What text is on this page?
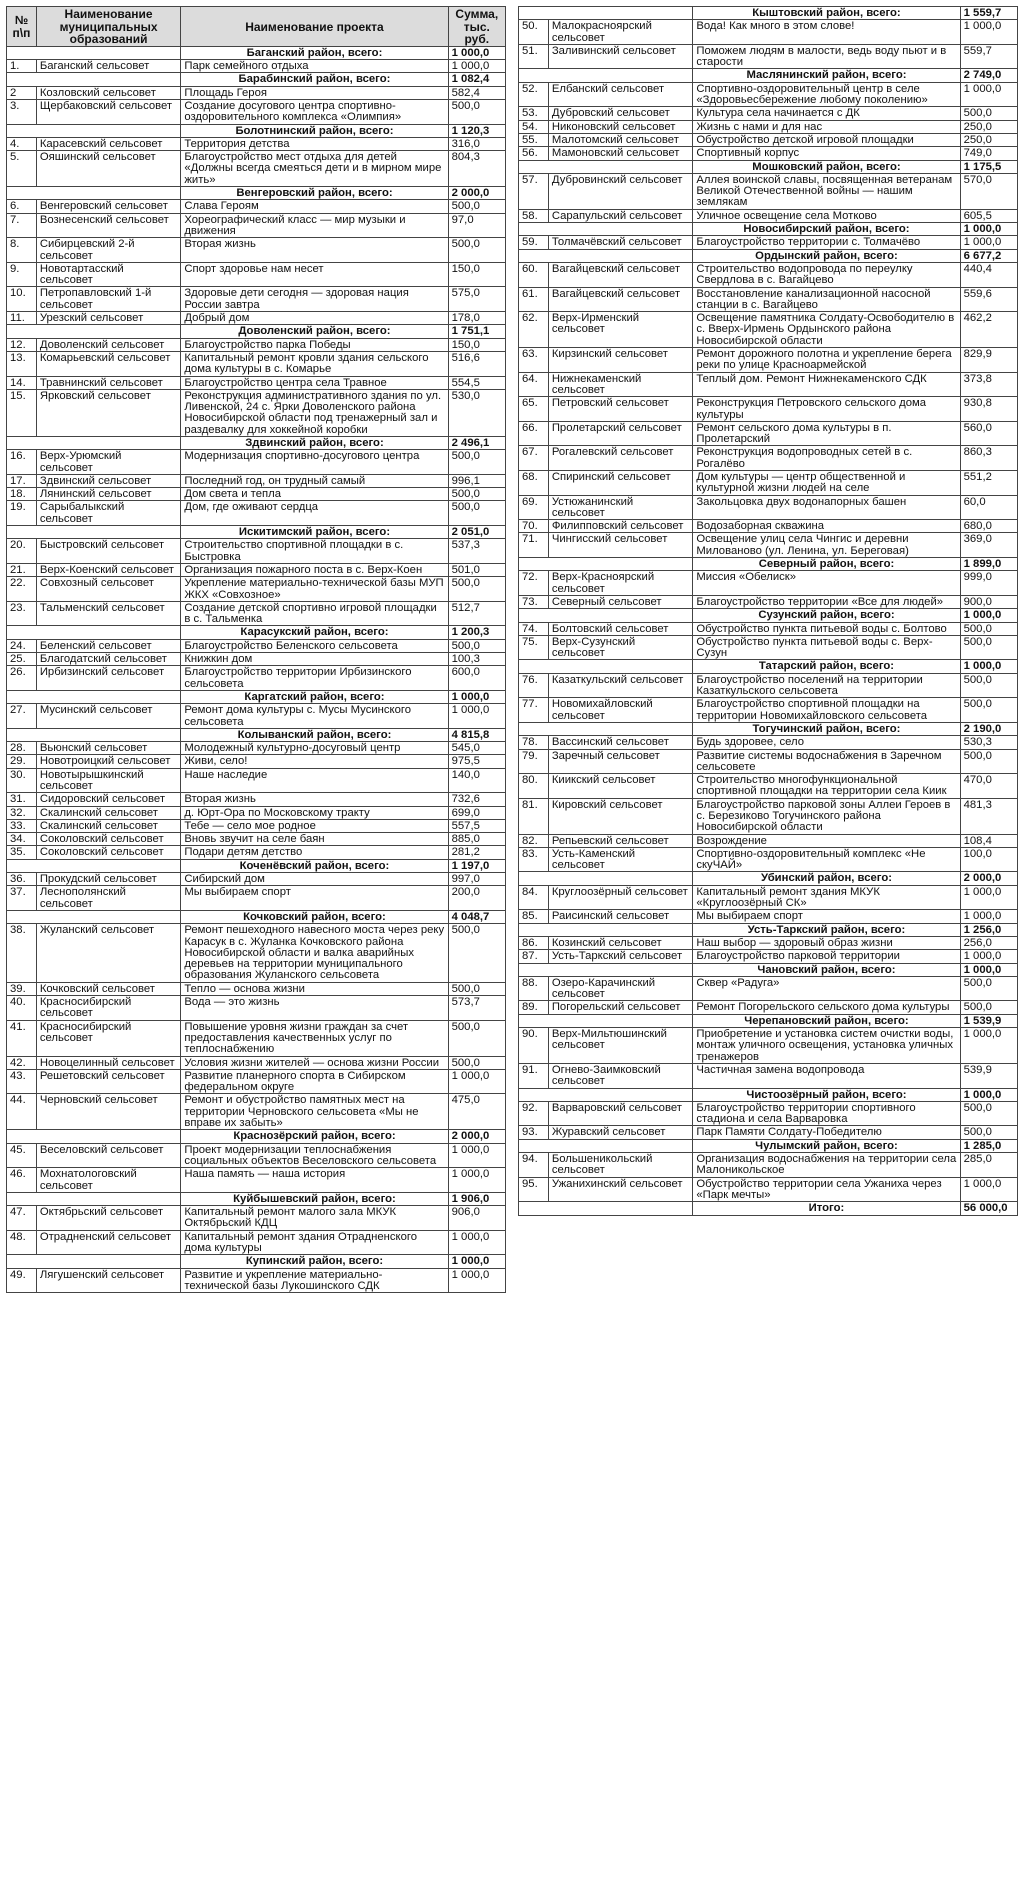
№ п\п	Наименование муниципальных образований	Наименование проекта	Сумма, тыс. руб.
		Баганский район, всего:	1 000,0
1.	Баганский сельсовет	Парк семейного отдыха	1 000,0
		Барабинский район, всего:	1 082,4
2	Козловский сельсовет	Площадь Героя	582,4
3.	Щербаковский сельсовет	Создание досугового центра спортивно-оздоровительного комплекса «Олимпия»	500,0
		Болотнинский район, всего:	1 120,3
4.	Карасевский сельсовет	Территория детства	316,0
5.	Ояшинский сельсовет	Благоустройство мест отдыха для детей «Должны всегда смеяться дети и в мирном мире жить»	804,3
		Венгеровский район, всего:	2 000,0
6.	Венгеровский сельсовет	Слава Героям	500,0
7.	Вознесенский сельсовет	Хореографический класс — мир музыки и движения	97,0
8.	Сибирцевский 2-й сельсовет	Вторая жизнь	500,0
9.	Новотартасский сельсовет	Спорт здоровье нам несет	150,0
10.	Петропавловский 1-й сельсовет	Здоровые дети сегодня — здоровая нация России завтра	575,0
11.	Урезский сельсовет	Добрый дом	178,0
		Доволенский район, всего:	1 751,1
12.	Доволенский сельсовет	Благоустройство парка Победы	150,0
13.	Комарьевский сельсовет	Капитальный ремонт кровли здания сельского дома культуры в с. Комарье	516,6
14.	Травнинский сельсовет	Благоустройство центра села Травное	554,5
15.	Ярковский сельсовет	Реконструкция административного здания по ул. Ливенской, 24 с. Ярки Доволенского района Новосибирской области под тренажерный зал и раздевалку для хоккейной коробки	530,0
		Здвинский район, всего:	2 496,1
16.	Верх-Урюмский сельсовет	Модернизация спортивно-досугового центра	500,0
17.	Здвинский сельсовет	Последний год, он трудный самый	996,1
18.	Лянинский сельсовет	Дом света и тепла	500,0
19.	Сарыбалыкский сельсовет	Дом, где оживают сердца	500,0
		Искитимский район, всего:	2 051,0
20.	Быстровский сельсовет	Строительство спортивной площадки в с. Быстровка	537,3
21.	Верх-Коенский сельсовет	Организация пожарного поста в с. Верх-Коен	501,0
22.	Совхозный сельсовет	Укрепление материально-технической базы МУП ЖКХ «Совхозное»	500,0
23.	Тальменский сельсовет	Создание детской спортивно игровой площадки в с. Тальменка	512,7
		Карасукский район, всего:	1 200,3
24.	Беленский сельсовет	Благоустройство Беленского сельсовета	500,0
25.	Благодатский сельсовет	Книжкин дом	100,3
26.	Ирбизинский сельсовет	Благоустройство территории Ирбизинского сельсовета	600,0
		Каргатский район, всего:	1 000,0
27.	Мусинский сельсовет	Ремонт дома культуры с. Мусы Мусинского сельсовета	1 000,0
		Колыванский район, всего:	4 815,8
28.	Вьюнский сельсовет	Молодежный культурно-досуговый центр	545,0
29.	Новотроицкий сельсовет	Живи, село!	975,5
30.	Новотырышкинский сельсовет	Наше наследие	140,0
31.	Сидоровский сельсовет	Вторая жизнь	732,6
32.	Скалинский сельсовет	д. Юрт-Ора по Московскому тракту	699,0
33.	Скалинский сельсовет	Тебе — село мое родное	557,5
34.	Соколовский сельсовет	Вновь звучит на селе баян	885,0
35.	Соколовский сельсовет	Подари детям детство	281,2
		Коченёвский район, всего:	1 197,0
36.	Прокудский сельсовет	Сибирский дом	997,0
37.	Леснополянский сельсовет	Мы выбираем спорт	200,0
		Кочковский район, всего:	4 048,7
38.	Жуланский сельсовет	Ремонт пешеходного навесного моста через реку Карасук в с. Жуланка Кочковского района Новосибирской области и валка аварийных деревьев на территории муниципального образования Жуланского сельсовета	500,0
39.	Кочковский сельсовет	Тепло — основа жизни	500,0
40.	Красносибирский сельсовет	Вода — это жизнь	573,7
41.	Красносибирский сельсовет	Повышение уровня жизни граждан за счет предоставления качественных услуг по теплоснабжению	500,0
42.	Новоцелинный сельсовет	Условия жизни жителей — основа жизни России	500,0
43.	Решетовский сельсовет	Развитие планерного спорта в Сибирском федеральном округе	1 000,0
44.	Черновский сельсовет	Ремонт и обустройство памятных мест на территории Черновского сельсовета «Мы не вправе их забыть»	475,0
		Краснозёрский район, всего:	2 000,0
45.	Веселовский сельсовет	Проект модернизации теплоснабжения социальных объектов Веселовского сельсовета	1 000,0
46.	Мохнатологовский сельсовет	Наша память — наша история	1 000,0
		Куйбышевский район, всего:	1 906,0
47.	Октябрьский сельсовет	Капитальный ремонт малого зала МКУК Октябрьский КДЦ	906,0
48.	Отрадненский сельсовет	Капитальный ремонт здания Отрадненского дома культуры	1 000,0
		Купинский район, всего:	1 000,0
49.	Лягушенский сельсовет	Развитие и укрепление материально-технической базы Лукошинского СДК	1 000,0
		Кыштовский район, всего:	1 559,7
50.	Малокрасноярский сельсовет	Вода! Как много в этом слове!	1 000,0
51.	Заливинский сельсовет	Поможем людям в малости, ведь воду пьют и в старости	559,7
		Маслянинский район, всего:	2 749,0
52.	Елбанский сельсовет	Спортивно-оздоровительный центр в селе «Здоровьесбережение любому поколению»	1 000,0
53.	Дубровский сельсовет	Культура села начинается с ДК	500,0
54.	Никоновский сельсовет	Жизнь с нами и для нас	250,0
55.	Малотомский сельсовет	Обустройство детской игровой площадки	250,0
56.	Мамоновский сельсовет	Спортивный корпус	749,0
		Мошковский район, всего:	1 175,5
57.	Дубровинский сельсовет	Аллея воинской славы, посвященная ветеранам Великой Отечественной войны — нашим землякам	570,0
58.	Сарапульский сельсовет	Уличное освещение села Мотково	605,5
		Новосибирский район, всего:	1 000,0
59.	Толмачёвский сельсовет	Благоустройство территории с. Толмачёво	1 000,0
		Ордынский район, всего:	6 677,2
60.	Вагайцевский сельсовет	Строительство водопровода по переулку Свердлова в с. Вагайцево	440,4
61.	Вагайцевский сельсовет	Восстановление канализационной насосной станции в с. Вагайцево	559,6
62.	Верх-Ирменский сельсовет	Освещение памятника Солдату-Освободителю в с. Вверх-Ирмень Ордынского района Новосибирской области	462,2
63.	Кирзинский сельсовет	Ремонт дорожного полотна и укрепление берега реки по улице Красноармейской	829,9
64.	Нижнекаменский сельсовет	Теплый дом. Ремонт Нижнекаменского СДК	373,8
65.	Петровский сельсовет	Реконструкция Петровского сельского дома культуры	930,8
66.	Пролетарский сельсовет	Ремонт сельского дома культуры в п. Пролетарский	560,0
67.	Рогалевский сельсовет	Реконструкция водопроводных сетей в с. Рогалёво	860,3
68.	Спиринский сельсовет	Дом культуры — центр общественной и культурной жизни людей на селе	551,2
69.	Устюжанинский сельсовет	Закольцовка двух водонапорных башен	60,0
70.	Филипповский сельсовет	Водозаборная скважина	680,0
71.	Чингисский сельсовет	Освещение улиц села Чингис и деревни Милованово (ул. Ленина, ул. Береговая)	369,0
		Северный район, всего:	1 899,0
72.	Верх-Красноярский сельсовет	Миссия «Обелиск»	999,0
73.	Северный сельсовет	Благоустройство территории «Все для людей»	900,0
		Сузунский район, всего:	1 000,0
74.	Болтовский сельсовет	Обустройство пункта питьевой воды с. Болтово	500,0
75.	Верх-Сузунский сельсовет	Обустройство пункта питьевой воды с. Верх-Сузун	500,0
		Татарский район, всего:	1 000,0
76.	Казаткульский сельсовет	Благоустройство поселений на территории Казаткульского сельсовета	500,0
77.	Новомихайловский сельсовет	Благоустройство спортивной площадки на территории Новомихайловского сельсовета	500,0
		Тогучинский район, всего:	2 190,0
78.	Вассинский сельсовет	Будь здоровее, село	530,3
79.	Заречный сельсовет	Развитие системы водоснабжения в Заречном сельсовете	500,0
80.	Киикский сельсовет	Строительство многофункциональной спортивной площадки на территории села Киик	470,0
81.	Кировский сельсовет	Благоустройство парковой зоны Аллеи Героев в с. Березиково Тогучинского района Новосибирской области	481,3
82.	Репьевский сельсовет	Возрождение	108,4
83.	Усть-Каменский сельсовет	Спортивно-оздоровительный комплекс «Не скуЧАЙ»	100,0
		Убинский район, всего:	2 000,0
84.	Круглоозёрный сельсовет	Капитальный ремонт здания МКУК «Круглоозёрный СК»	1 000,0
85.	Раисинский сельсовет	Мы выбираем спорт	1 000,0
		Усть-Таркский район, всего:	1 256,0
86.	Козинский сельсовет	Наш выбор — здоровый образ жизни	256,0
87.	Усть-Таркский сельсовет	Благоустройство парковой территории	1 000,0
		Чановский район, всего:	1 000,0
88.	Озеро-Карачинский сельсовет	Сквер «Радуга»	500,0
89.	Погорельский сельсовет	Ремонт Погорельского сельского дома культуры	500,0
		Черепановский район, всего:	1 539,9
90.	Верх-Мильтюшинский сельсовет	Приобретение и установка систем очистки воды, монтаж уличного освещения, установка уличных тренажеров	1 000,0
91.	Огнево-Заимковский сельсовет	Частичная замена водопровода	539,9
		Чистоозёрный район, всего:	1 000,0
92.	Варваровский сельсовет	Благоустройство территории спортивного стадиона и села Варваровка	500,0
93.	Журавский сельсовет	Парк Памяти Солдату-Победителю	500,0
		Чулымский район, всего:	1 285,0
94.	Большеникольский сельсовет	Организация водоснабжения на территории села Малоникольское	285,0
95.	Ужанихинский сельсовет	Обустройство территории села Ужаниха через «Парк мечты»	1 000,0
		Итого:	56 000,0
